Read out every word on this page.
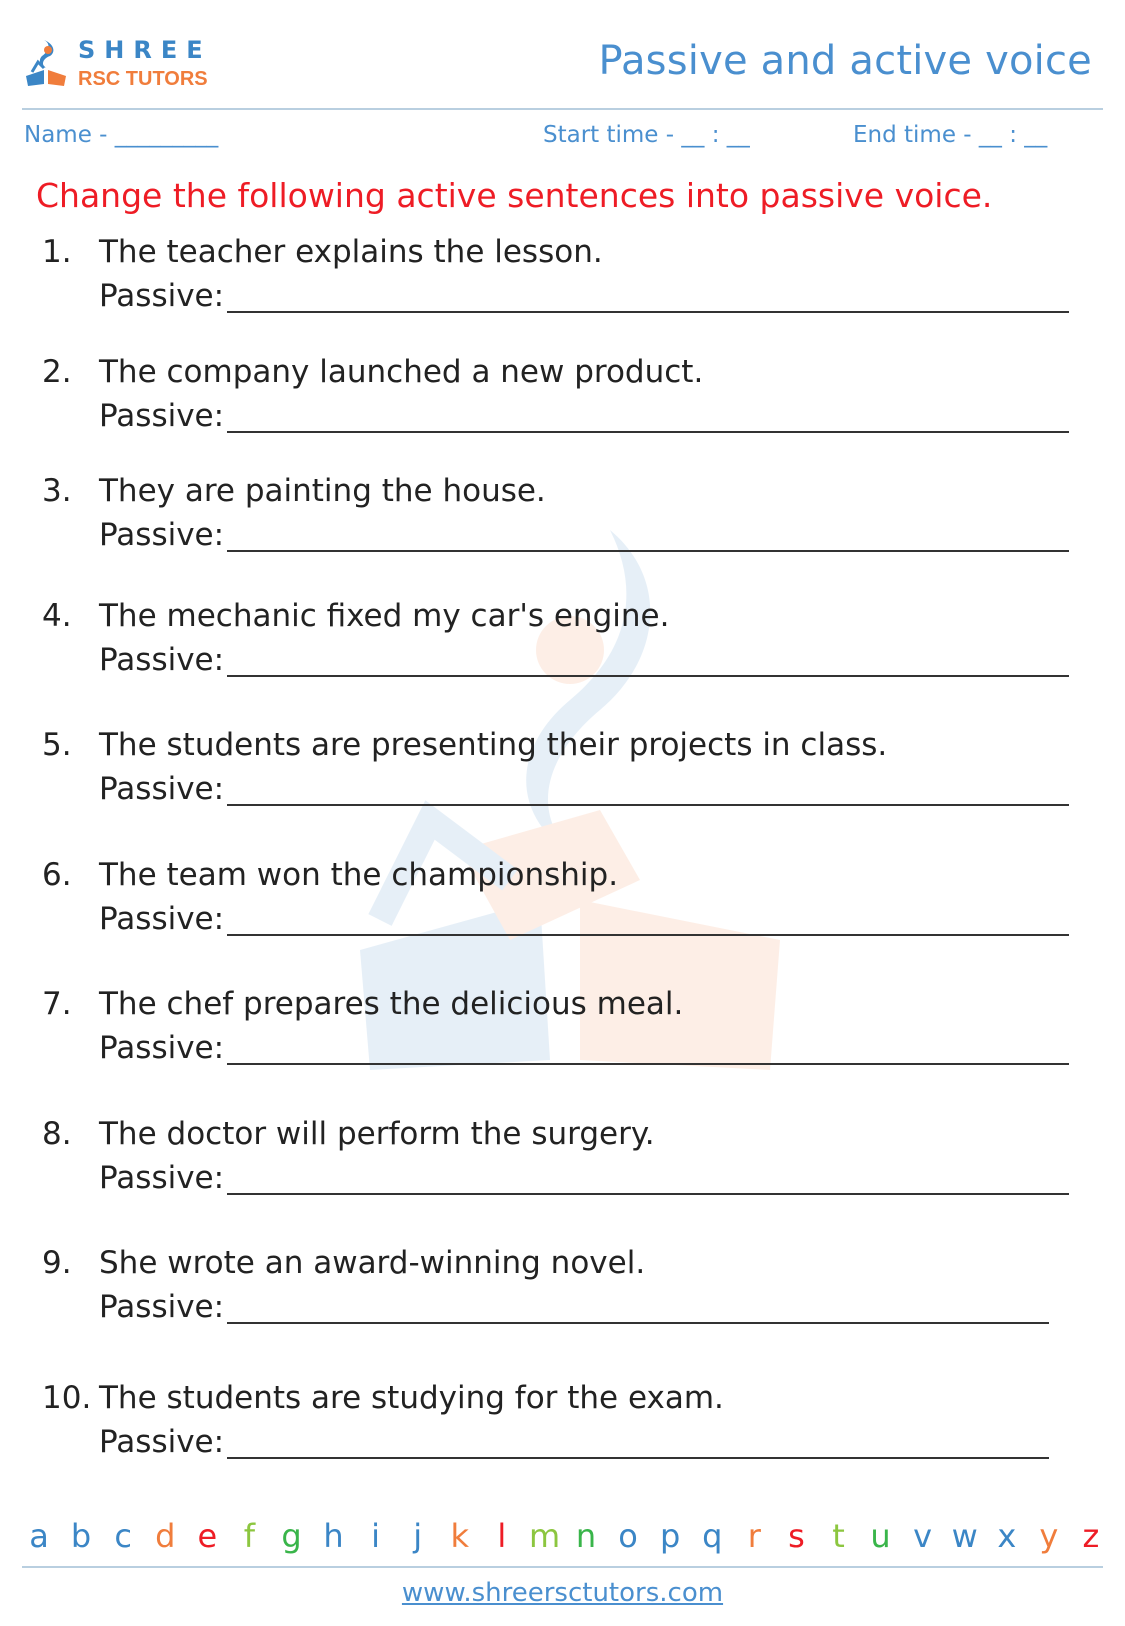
SHREE
RSC TUTORS	Passive and active voice
Name - _________	Start time - __ : __	End time - __ : __
Change the following active sentences into passive voice.
1. The teacher explains the lesson.
Passive:
2. The company launched a new product.
Passive:
3. They are painting the house.
Passive:
4. The mechanic fixed my car's engine.
Passive:
5. The students are presenting their projects in class.
Passive:
6. The team won the championship.
Passive:
7. The chef prepares the delicious meal.
Passive:
8. The doctor will perform the surgery.
Passive:
9. She wrote an award-winning novel.
Passive:
10. The students are studying for the exam.
Passive:
a b c d e f g h i	j k l m n o p q r s t u v w x y z
www.shreersctutors.com
